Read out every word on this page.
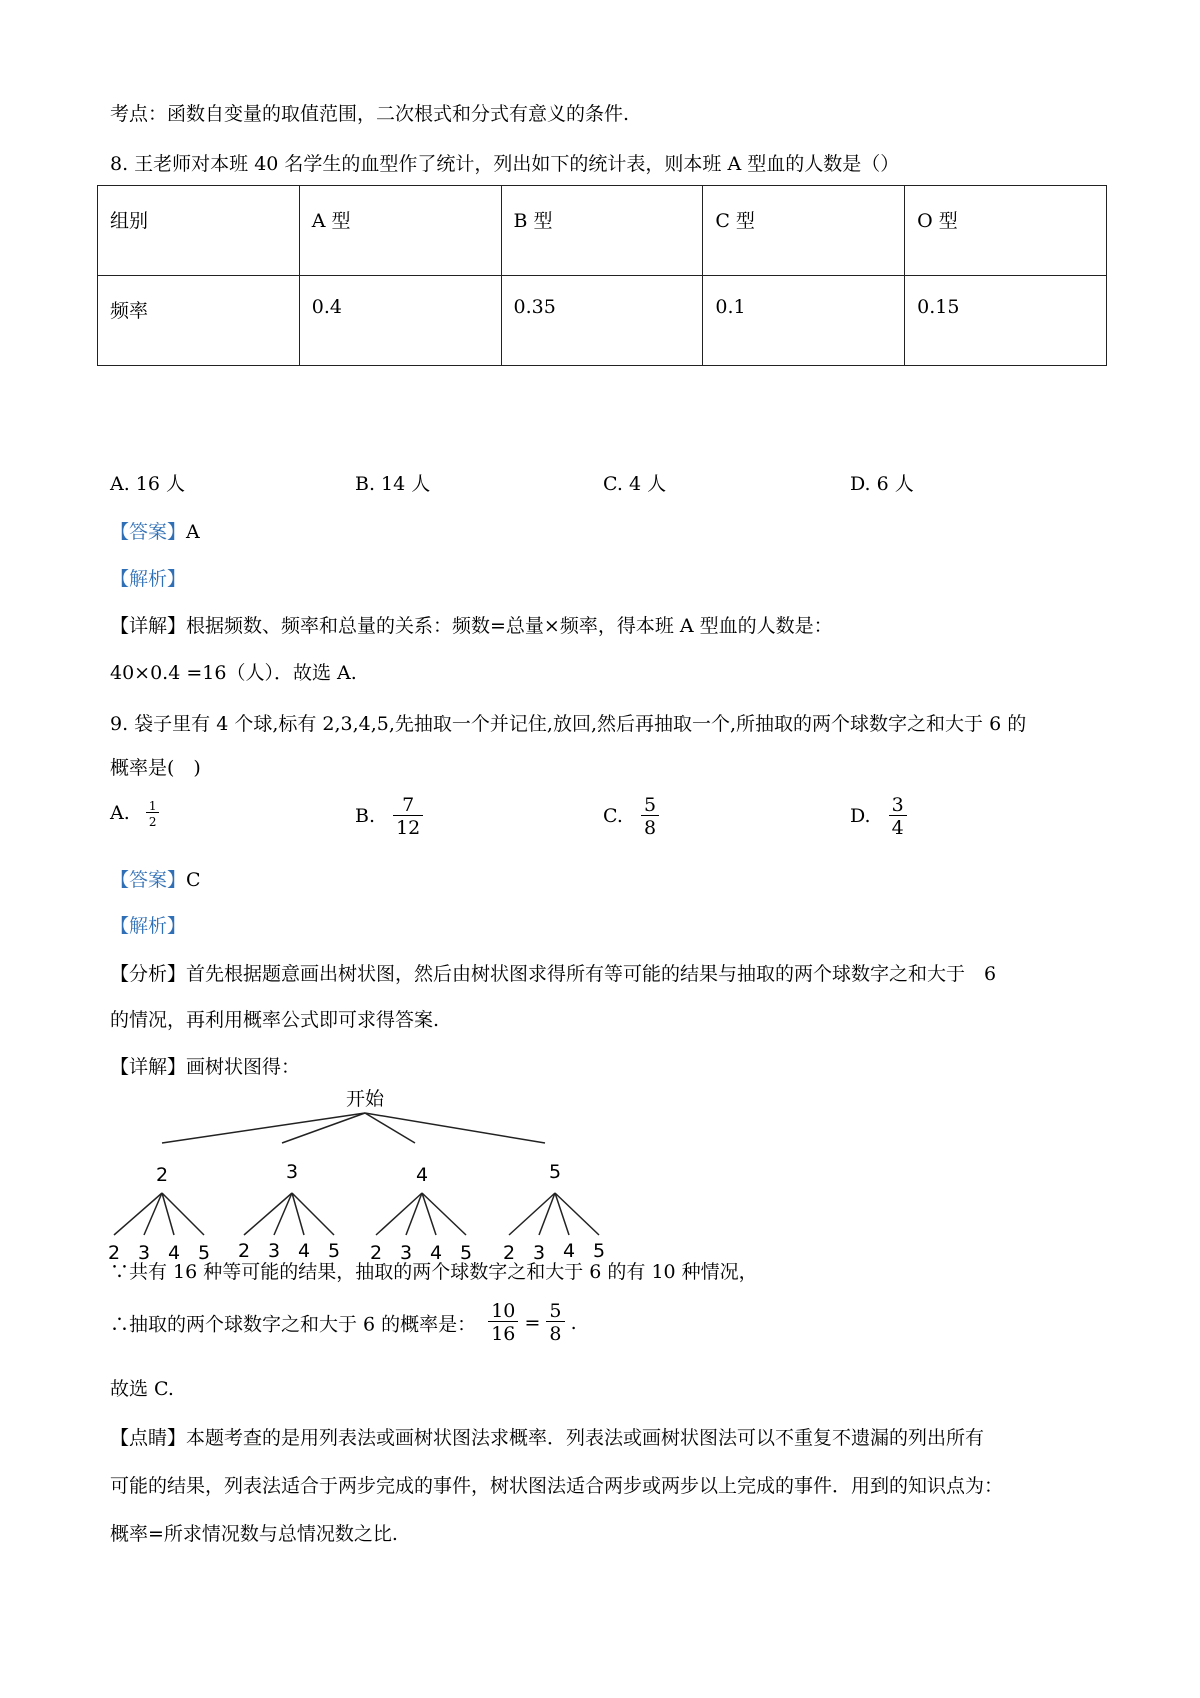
考点：函数自变量的取值范围，二次根式和分式有意义的条件.
8. 王老师对本班 40 名学生的血型作了统计，列出如下的统计表，则本班 A 型血的人数是（）
组别	A 型	B 型	C 型	O 型
频率	0.4	0.35	0.1	0.15
A. 16 人	B. 14 人	C. 4 人	D. 6 人
【答案】A
【解析】
【详解】根据频数、频率和总量的关系：频数=总量×频率，得本班 A 型血的人数是：
40×0.4 =16（人）．故选 A.
9. 袋子里有 4 个球,标有 2,3,4,5,先抽取一个并记住,放回,然后再抽取一个,所抽取的两个球数字之和大于 6 的
概率是(　)
A. $\frac{1}{2}$	B. $\frac{7}{12}$	C. $\frac{5}{8}$	D. $\frac{3}{4}$
【答案】C
【解析】
【分析】首先根据题意画出树状图，然后由树状图求得所有等可能的结果与抽取的两个球数字之和大于　6
的情况，再利用概率公式即可求得答案.
【详解】画树状图得：
开始
2	3	4	5
2 3 4 5 2 3 4 5 2 3 4 5 2 3 4 5
∵共有 16 种等可能的结果，抽取的两个球数字之和大于 6 的有 10 种情况，
∴抽取的两个球数字之和大于 6 的概率是： $\frac{10}{16} = \frac{5}{8}$ .
故选 C.
【点睛】本题考查的是用列表法或画树状图法求概率．列表法或画树状图法可以不重复不遗漏的列出所有
可能的结果，列表法适合于两步完成的事件，树状图法适合两步或两步以上完成的事件．用到的知识点为：
概率=所求情况数与总情况数之比.
